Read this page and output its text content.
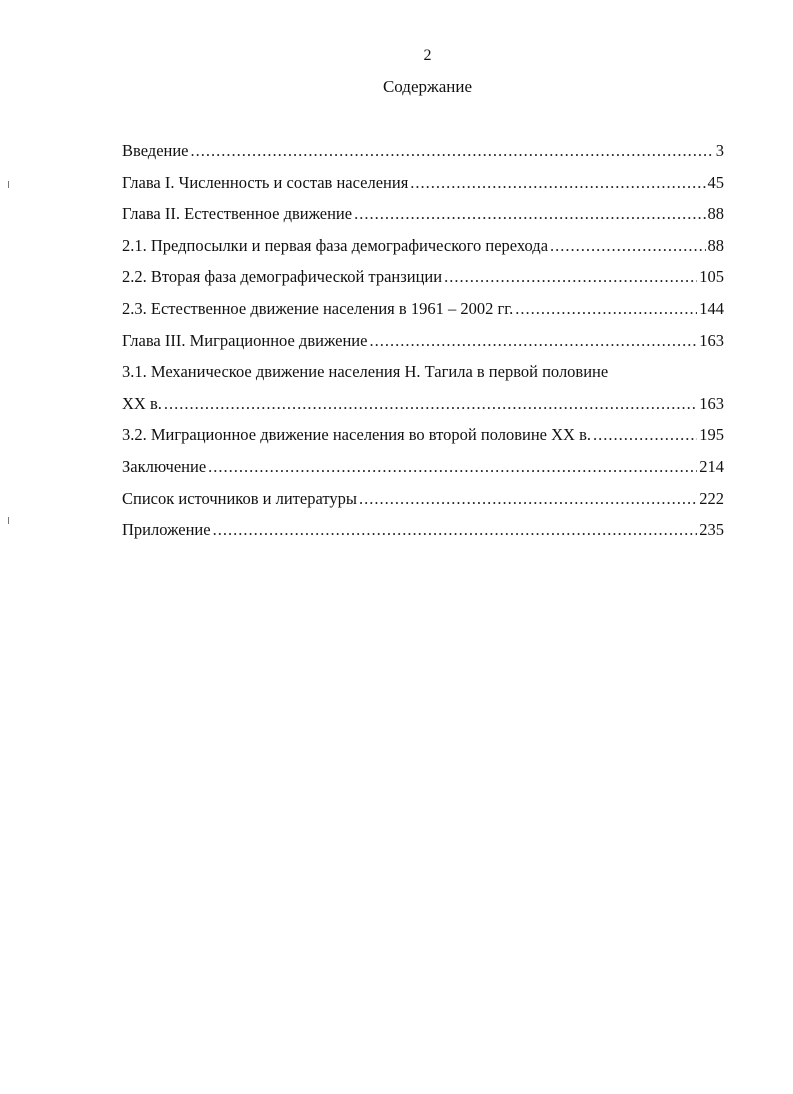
2
Содержание
Введение .....	3
Глава I. Численность и состав населения .....	45
Глава II. Естественное движение .....	88
2.1. Предпосылки и первая фаза демографического перехода .....	88
2.2. Вторая фаза демографической транзиции .....	105
2.3. Естественное движение населения в 1961 – 2002 гг. .....	144
Глава III. Миграционное движение .....	163
3.1. Механическое движение населения Н. Тагила в первой половине
XX в. .....	163
3.2. Миграционное движение населения во второй половине XX в. .....	195
Заключение .....	214
Список источников и литературы .....	222
Приложение .....	235
